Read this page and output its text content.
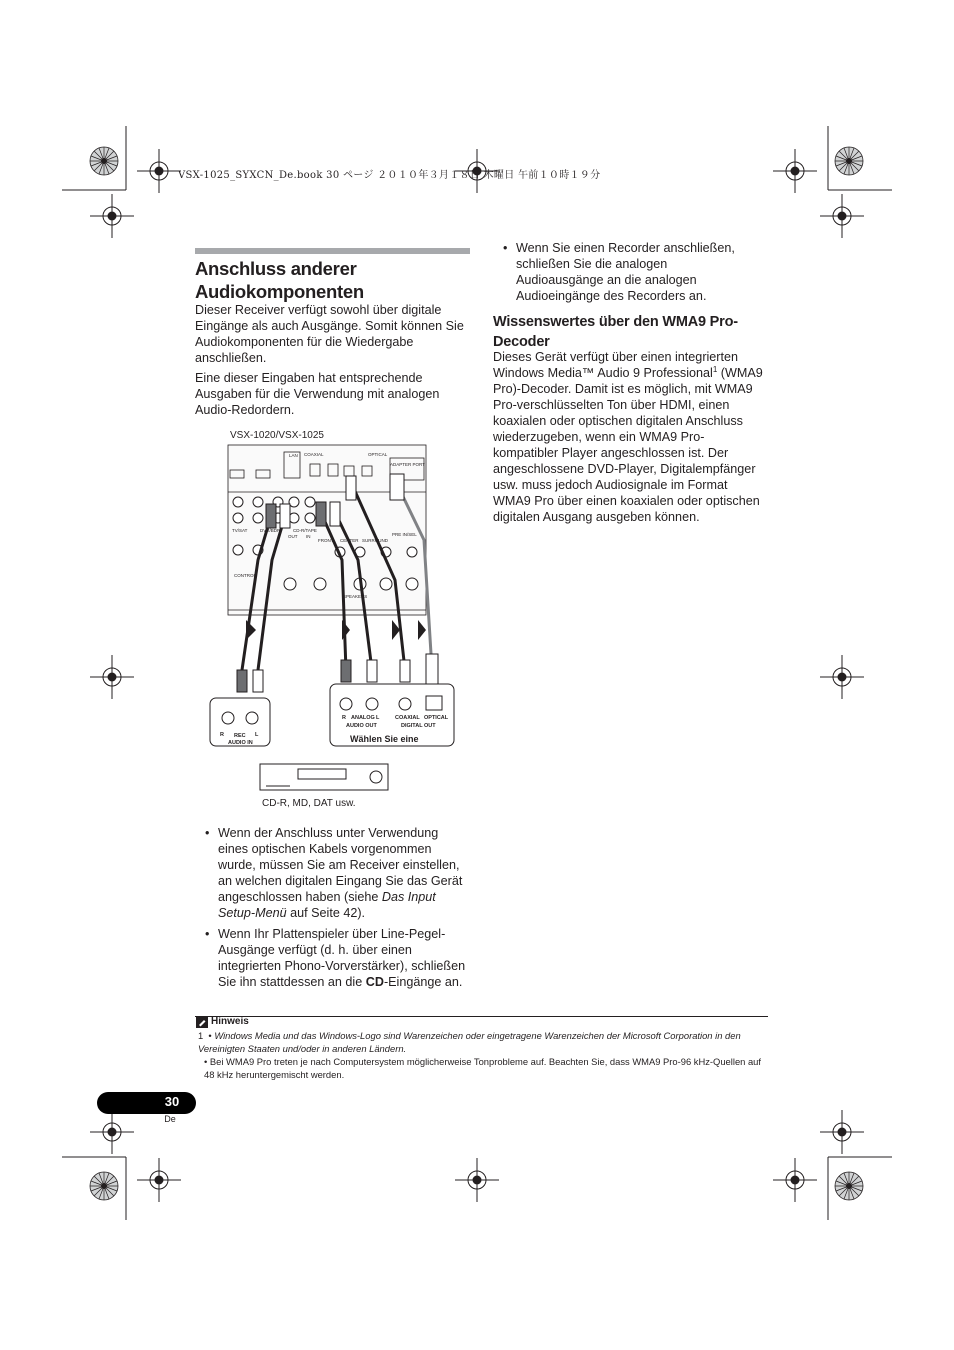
VSX-1025_SYXCN_De.book 30 ページ ２０１０年３月１８日 木曜日 午前１０時１９分
Anschluss anderer Audiokomponenten
Dieser Receiver verfügt sowohl über digitale Eingänge als auch Ausgänge. Somit können Sie Audiokomponenten für die Wiedergabe anschließen.
Eine dieser Eingaben hat entsprechende Ausgaben für die Verwendung mit analogen Audio-Redordern.
VSX-1020/VSX-1025
LAN COAXIAL	OPTICAL
ADAPTER PORT
CONTROL
SPEAKERS
CD-R/TAPE
IN
OUT
TV/SAT	DVR/BDR
FRONT CENTER SURROUND
PRE IN/SEL
R	L
REC
AUDIO IN
R	L
ANALOG
AUDIO OUT
COAXIAL OPTICAL
DIGITAL OUT
Wählen Sie eine
CD-R, MD, DAT usw.
• Wenn der Anschluss unter Verwendung eines optischen Kabels vorgenommen wurde, müssen Sie am Receiver einstellen, an welchen digitalen Eingang Sie das Gerät angeschlossen haben (siehe Das Input Setup-Menü auf Seite 42).
• Wenn Ihr Plattenspieler über Line-Pegel-Ausgänge verfügt (d. h. über einen integrierten Phono-Vorverstärker), schließen Sie ihn stattdessen an die CD-Eingänge an.
• Wenn Sie einen Recorder anschließen, schließen Sie die analogen Audioausgänge an die analogen Audioeingänge des Recorders an.
Wissenswertes über den WMA9 Pro-Decoder
Dieses Gerät verfügt über einen integrierten Windows Media™ Audio 9 Professional$^1$ (WMA9 Pro)-Decoder. Damit ist es möglich, mit WMA9 Pro-verschlüsselten Ton über HDMI, einen koaxialen oder optischen digitalen Anschluss wiederzugeben, wenn ein WMA9 Pro-kompatibler Player angeschlossen ist. Der angeschlossene DVD-Player, Digitalempfänger usw. muss jedoch Audiosignale im Format WMA9 Pro über einen koaxialen oder optischen digitalen Ausgang ausgeben können.
Hinweis
1  • Windows Media und das Windows-Logo sind Warenzeichen oder eingetragene Warenzeichen der Microsoft Corporation in den Vereinigten Staaten und/oder in anderen Ländern.
• Bei WMA9 Pro treten je nach Computersystem möglicherweise Tonprobleme auf. Beachten Sie, dass WMA9 Pro-96 kHz-Quellen auf 48 kHz heruntergemischt werden.
30
De
